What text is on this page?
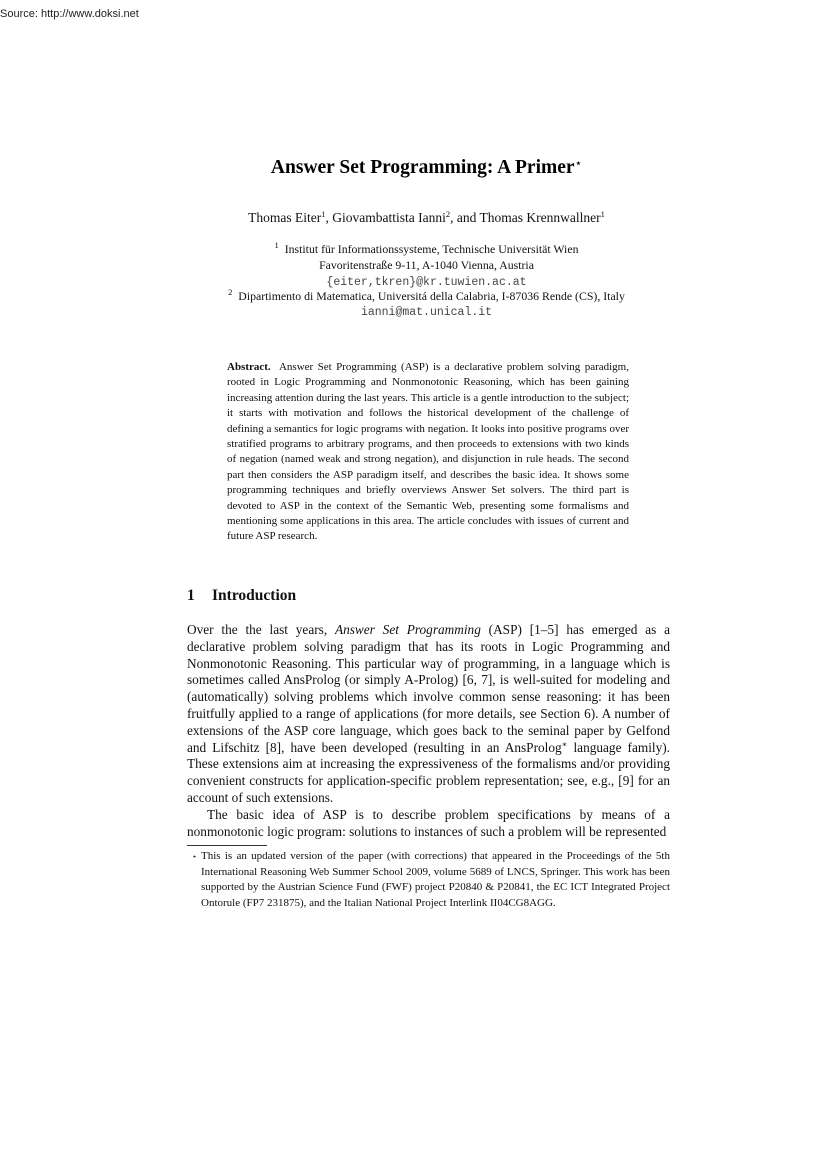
Source: http://www.doksi.net
Answer Set Programming: A Primer⋆
Thomas Eiter$^1$, Giovambattista Ianni$^2$, and Thomas Krennwallner$^1$
$^1$ Institut für Informationssysteme, Technische Universität Wien
Favoritenstraße 9-11, A-1040 Vienna, Austria
{eiter,tkren}@kr.tuwien.ac.at
$^2$ Dipartimento di Matematica, Universitá della Calabria, I-87036 Rende (CS), Italy
ianni@mat.unical.it
Abstract. Answer Set Programming (ASP) is a declarative problem solving paradigm, rooted in Logic Programming and Nonmonotonic Reasoning, which has been gaining increasing attention during the last years. This article is a gentle introduction to the subject; it starts with motivation and follows the historical development of the challenge of defining a semantics for logic programs with negation. It looks into positive programs over stratified programs to arbitrary programs, and then proceeds to extensions with two kinds of negation (named weak and strong negation), and disjunction in rule heads. The second part then considers the ASP paradigm itself, and describes the basic idea. It shows some programming techniques and briefly overviews Answer Set solvers. The third part is devoted to ASP in the context of the Semantic Web, presenting some formalisms and mentioning some applications in this area. The article concludes with issues of current and future ASP research.
1 Introduction

Over the the last years, Answer Set Programming (ASP) [1–5] has emerged as a declarative problem solving paradigm that has its roots in Logic Programming and Nonmonotonic Reasoning. This particular way of programming, in a language which is sometimes called AnsProlog (or simply A-Prolog) [6, 7], is well-suited for modeling and (automatically) solving problems which involve common sense reasoning: it has been fruitfully applied to a range of applications (for more details, see Section 6). A number of extensions of the ASP core language, which goes back to the seminal paper by Gelfond and Lifschitz [8], have been developed (resulting in an AnsProlog∗ language family). These extensions aim at increasing the expressiveness of the formalisms and/or providing convenient constructs for application-specific problem representation; see, e.g., [9] for an account of such extensions.

The basic idea of ASP is to describe problem specifications by means of a nonmonotonic logic program: solutions to instances of such a problem will be represented

⋆ This is an updated version of the paper (with corrections) that appeared in the Proceedings of the 5th International Reasoning Web Summer School 2009, volume 5689 of LNCS, Springer. This work has been supported by the Austrian Science Fund (FWF) project P20840 & P20841, the EC ICT Integrated Project Ontorule (FP7 231875), and the Italian National Project Interlink II04CG8AGG.
